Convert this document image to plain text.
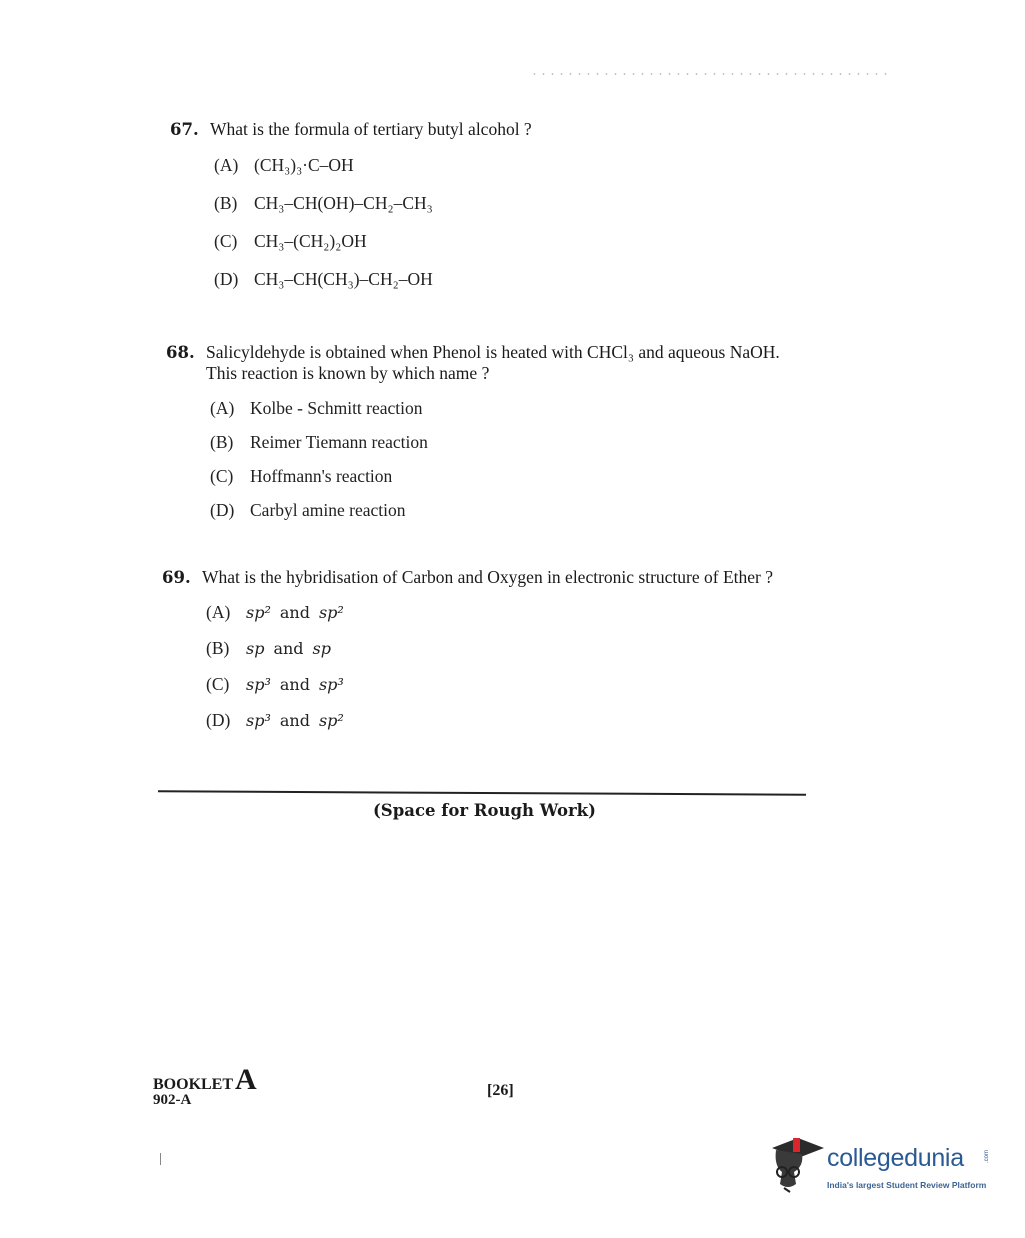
67. What is the formula of tertiary butyl alcohol ?
(A) (CH₃)₃·C–OH
(B) CH₃–CH(OH)–CH₂–CH₃
(C) CH₃–(CH₂)₂OH
(D) CH₃–CH(CH₃)–CH₂–OH
68. Salicyldehyde is obtained when Phenol is heated with CHCl₃ and aqueous NaOH. This reaction is known by which name ?
(A) Kolbe - Schmitt reaction
(B) Reimer Tiemann reaction
(C) Hoffmann's reaction
(D) Carbyl amine reaction
69. What is the hybridisation of Carbon and Oxygen in electronic structure of Ether ?
(A) sp² and sp²
(B)	sp and sp
(C)	sp³ and sp³
(D) sp³ and sp²
(Space for Rough Work)
BOOKLET A
902-A
[26]
collegedunia	.com
India's largest Student Review Platform
